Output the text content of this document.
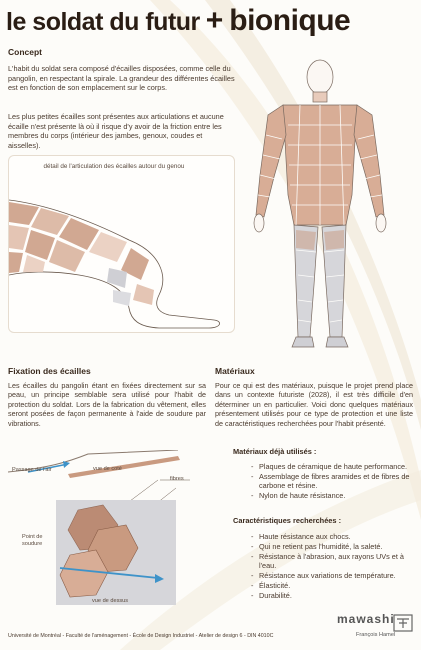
le soldat du futur + bionique
Concept

L'habit du soldat sera composé d'écailles disposées, comme celle du pangolin, en respectant la spirale. La grandeur des différentes écailles est en fonction de son emplacement sur le corps.

Les plus petites écailles sont présentes aux articulations et aucune écaille n'est présente là où il risque d'y avoir de la friction entre les membres du corps (intérieur des jambes, genoux, coudes et aisselles).

détail de l'articulation des écailles autour du genou
Fixation des écailles

Les écailles du pangolin étant en fixées directement sur sa peau, un principe semblable sera utilisé pour l'habit de protection du soldat. Lors de la fabrication du vêtement, elles seront posées de façon permanente à l'aide de soudure par vibrations.

Passage de l'air	vue de coté
fibres
Point de soudure
vue de dessus
Matériaux

Pour ce qui est des matériaux, puisque le projet prend place dans un contexte futuriste (2028), il est très difficile d'en déterminer un en particulier. Voici donc quelques matériaux présentement utilisés pour ce type de protection et une liste de caractéristiques recherchées pour l'habit présenté.

Matériaux déjà utilisés :
- Plaques de céramique de haute performance.
- Assemblage de fibres aramides et de fibres de carbone et résine.
- Nylon de haute résistance.
Caractéristiques recherchées :
- Haute résistance aux chocs.
- Qui ne retient pas l'humidité, la saleté.
- Résistance à l'abrasion, aux rayons UVs et à l'eau.
- Résistance aux variations de température.
- Élasticité.
- Durabilité.
Université de Montréal - Faculté de l'aménagement - École de Design Industriel - Atelier de design 6 - DIN 4010C
mawashi
François Hamel
